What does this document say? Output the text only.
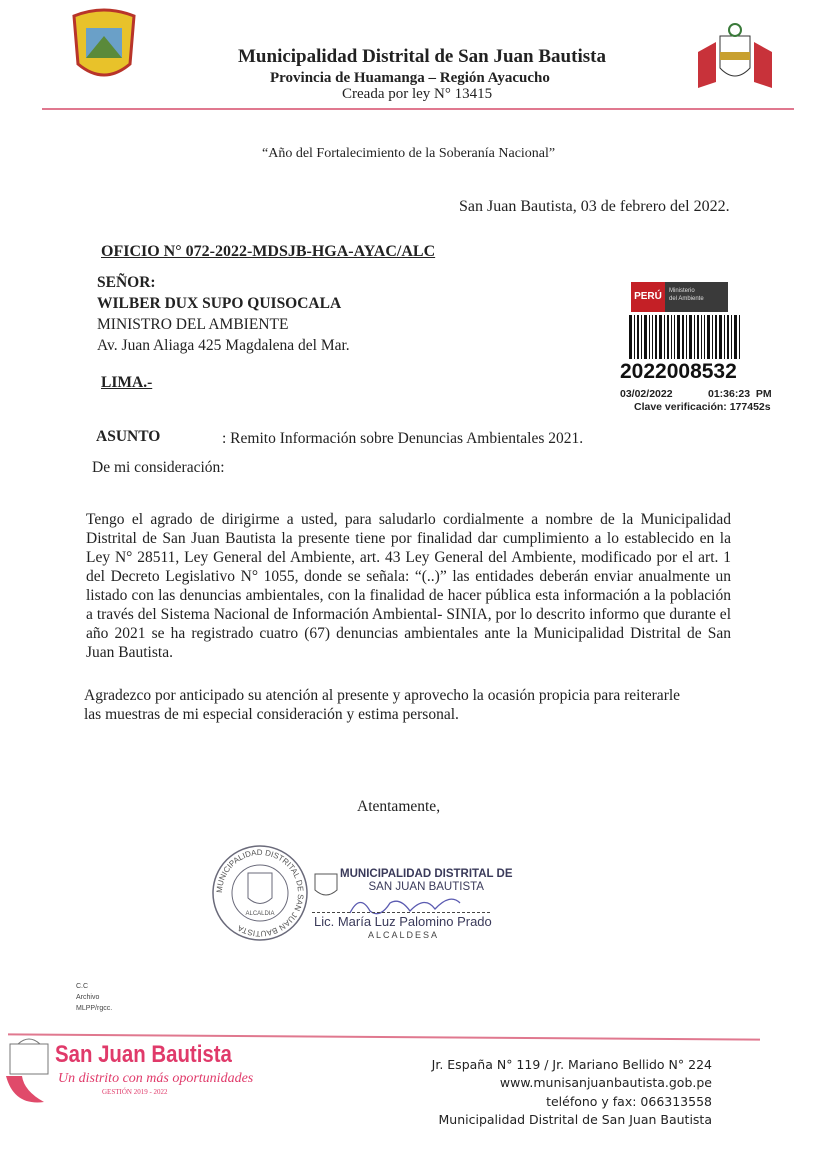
Municipalidad Distrital de San Juan Bautista
Provincia de Huamanga – Región Ayacucho
Creada por ley N° 13415
“Año del Fortalecimiento de la Soberanía Nacional”
San Juan Bautista, 03 de febrero del 2022.
OFICIO N° 072-2022-MDSJB-HGA-AYAC/ALC
SEÑOR:
WILBER DUX SUPO QUISOCALA
MINISTRO DEL AMBIENTE
Av. Juan Aliaga 425 Magdalena del Mar.
LIMA.-
PERÚ	Ministerio
del Ambiente
2022008532
03/02/2022	01:36:23  PM
Clave verificación: 177452s
ASUNTO	: Remito Información sobre Denuncias Ambientales 2021.
De mi consideración:
Tengo el agrado de dirigirme a usted, para saludarlo cordialmente a nombre de la Municipalidad Distrital de San Juan Bautista la presente tiene por finalidad dar cumplimiento a lo establecido en la Ley N° 28511, Ley General del Ambiente, art. 43 Ley General del Ambiente, modificado por el art. 1 del Decreto Legislativo N° 1055, donde se señala: “(..)” las entidades deberán enviar anualmente un listado con las denuncias ambientales, con la finalidad de hacer pública esta información a la población a través del Sistema Nacional de Información Ambiental- SINIA, por lo descrito informo que durante el año 2021 se ha registrado cuatro (67) denuncias ambientales ante la Municipalidad Distrital de San Juan Bautista.
Agradezco por anticipado su atención al presente y aprovecho la ocasión propicia para reiterarle las muestras de mi especial consideración y estima personal.
Atentamente,
MUNICIPALIDAD DISTRITAL DE SAN JUAN BAUTISTA
ALCALDIA
MUNICIPALIDAD DISTRITAL DE
SAN JUAN BAUTISTA
Lic. María Luz Palomino Prado
ALCALDESA
C.C
Archivo
MLPP/rgcc.
San Juan Bautista
Un distrito con más oportunidades
GESTIÓN 2019 - 2022
Jr. España N° 119 / Jr. Mariano Bellido N° 224
www.munisanjuanbautista.gob.pe
teléfono y fax: 066313558
Municipalidad Distrital de San Juan Bautista
